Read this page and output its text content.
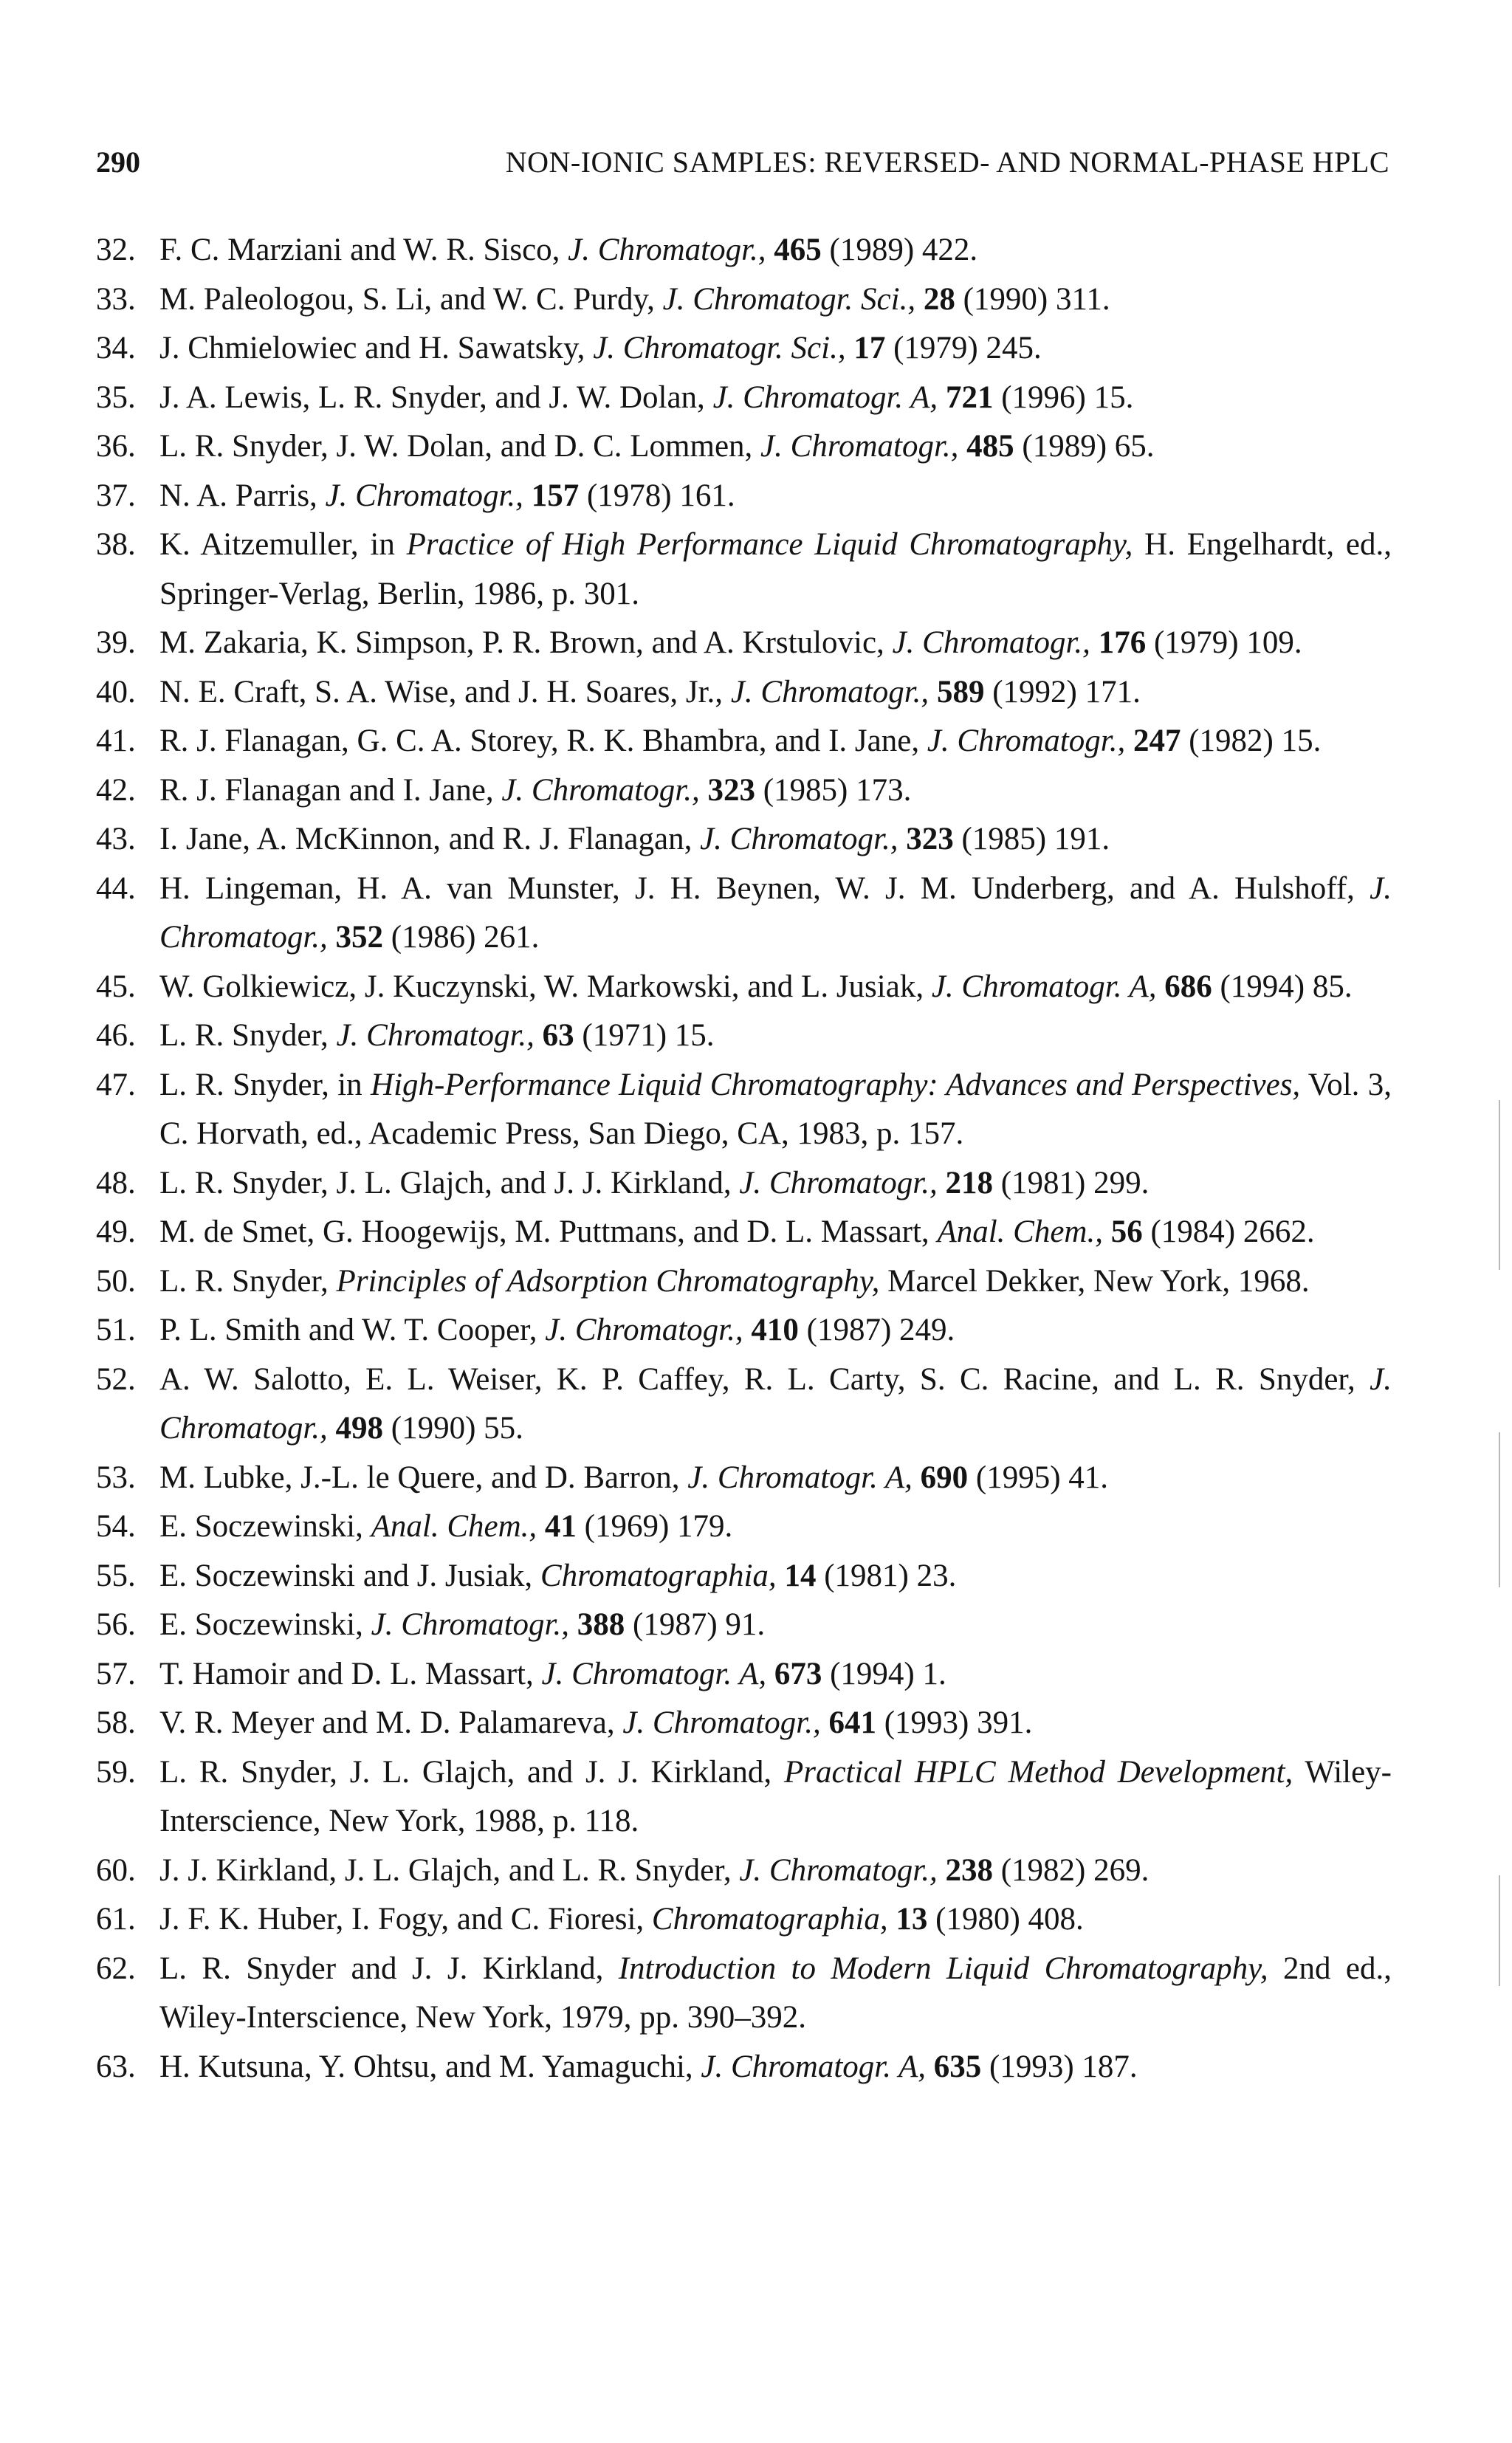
290	NON-IONIC SAMPLES: REVERSED- AND NORMAL-PHASE HPLC
32. F. C. Marziani and W. R. Sisco, J. Chromatogr., 465 (1989) 422.
33. M. Paleologou, S. Li, and W. C. Purdy, J. Chromatogr. Sci., 28 (1990) 311.
34. J. Chmielowiec and H. Sawatsky, J. Chromatogr. Sci., 17 (1979) 245.
35. J. A. Lewis, L. R. Snyder, and J. W. Dolan, J. Chromatogr. A, 721 (1996) 15.
36. L. R. Snyder, J. W. Dolan, and D. C. Lommen, J. Chromatogr., 485 (1989) 65.
37. N. A. Parris, J. Chromatogr., 157 (1978) 161.
38. K. Aitzemuller, in Practice of High Performance Liquid Chromatography, H. Engelhardt, ed., Springer-Verlag, Berlin, 1986, p. 301.
39. M. Zakaria, K. Simpson, P. R. Brown, and A. Krstulovic, J. Chromatogr., 176 (1979) 109.
40. N. E. Craft, S. A. Wise, and J. H. Soares, Jr., J. Chromatogr., 589 (1992) 171.
41. R. J. Flanagan, G. C. A. Storey, R. K. Bhambra, and I. Jane, J. Chromatogr., 247 (1982) 15.
42. R. J. Flanagan and I. Jane, J. Chromatogr., 323 (1985) 173.
43. I. Jane, A. McKinnon, and R. J. Flanagan, J. Chromatogr., 323 (1985) 191.
44. H. Lingeman, H. A. van Munster, J. H. Beynen, W. J. M. Underberg, and A. Hulshoff, J. Chromatogr., 352 (1986) 261.
45. W. Golkiewicz, J. Kuczynski, W. Markowski, and L. Jusiak, J. Chromatogr. A, 686 (1994) 85.
46. L. R. Snyder, J. Chromatogr., 63 (1971) 15.
47. L. R. Snyder, in High-Performance Liquid Chromatography: Advances and Perspectives, Vol. 3, C. Horvath, ed., Academic Press, San Diego, CA, 1983, p. 157.
48. L. R. Snyder, J. L. Glajch, and J. J. Kirkland, J. Chromatogr., 218 (1981) 299.
49. M. de Smet, G. Hoogewijs, M. Puttmans, and D. L. Massart, Anal. Chem., 56 (1984) 2662.
50. L. R. Snyder, Principles of Adsorption Chromatography, Marcel Dekker, New York, 1968.
51. P. L. Smith and W. T. Cooper, J. Chromatogr., 410 (1987) 249.
52. A. W. Salotto, E. L. Weiser, K. P. Caffey, R. L. Carty, S. C. Racine, and L. R. Snyder, J. Chromatogr., 498 (1990) 55.
53. M. Lubke, J.-L. le Quere, and D. Barron, J. Chromatogr. A, 690 (1995) 41.
54. E. Soczewinski, Anal. Chem., 41 (1969) 179.
55. E. Soczewinski and J. Jusiak, Chromatographia, 14 (1981) 23.
56. E. Soczewinski, J. Chromatogr., 388 (1987) 91.
57. T. Hamoir and D. L. Massart, J. Chromatogr. A, 673 (1994) 1.
58. V. R. Meyer and M. D. Palamareva, J. Chromatogr., 641 (1993) 391.
59. L. R. Snyder, J. L. Glajch, and J. J. Kirkland, Practical HPLC Method Development, Wiley-Interscience, New York, 1988, p. 118.
60. J. J. Kirkland, J. L. Glajch, and L. R. Snyder, J. Chromatogr., 238 (1982) 269.
61. J. F. K. Huber, I. Fogy, and C. Fioresi, Chromatographia, 13 (1980) 408.
62. L. R. Snyder and J. J. Kirkland, Introduction to Modern Liquid Chromatography, 2nd ed., Wiley-Interscience, New York, 1979, pp. 390–392.
63. H. Kutsuna, Y. Ohtsu, and M. Yamaguchi, J. Chromatogr. A, 635 (1993) 187.
